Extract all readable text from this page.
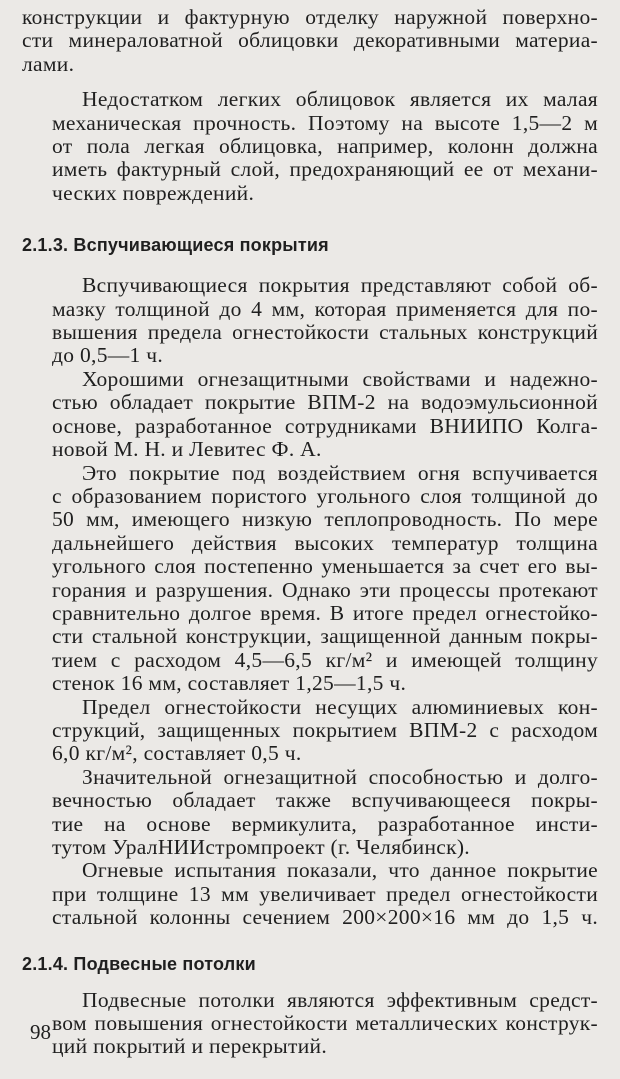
конструкции и фактурную отделку наружной поверхно-
сти минераловатной облицовки декоративными материа-
лами.

Недостатком легких облицовок является их малая
механическая прочность. Поэтому на высоте 1,5—2 м
от пола легкая облицовка, например, колонн должна
иметь фактурный слой, предохраняющий ее от механи-
ческих повреждений.

2.1.3. Вспучивающиеся покрытия

Вспучивающиеся покрытия представляют собой об-
мазку толщиной до 4 мм, которая применяется для по-
вышения предела огнестойкости стальных конструкций
до 0,5—1 ч.

Хорошими огнезащитными свойствами и надежно-
стью обладает покрытие ВПМ-2 на водоэмульсионной
основе, разработанное сотрудниками ВНИИПО Колга-
новой М. Н. и Левитес Ф. А.

Это покрытие под воздействием огня вспучивается
с образованием пористого угольного слоя толщиной до
50 мм, имеющего низкую теплопроводность. По мере
дальнейшего действия высоких температур толщина
угольного слоя постепенно уменьшается за счет его вы-
горания и разрушения. Однако эти процессы протекают
сравнительно долгое время. В итоге предел огнестойко-
сти стальной конструкции, защищенной данным покры-
тием с расходом 4,5—6,5 кг/м² и имеющей толщину
стенок 16 мм, составляет 1,25—1,5 ч.

Предел огнестойкости несущих алюминиевых кон-
струкций, защищенных покрытием ВПМ-2 с расходом
6,0 кг/м², составляет 0,5 ч.

Значительной огнезащитной способностью и долго-
вечностью обладает также вспучивающееся покры-
тие на основе вермикулита, разработанное инсти-
тутом УралНИИстромпроект (г. Челябинск).

Огневые испытания показали, что данное покрытие
при толщине 13 мм увеличивает предел огнестойкости
стальной колонны сечением 200×200×16 мм до 1,5 ч.

2.1.4. Подвесные потолки

Подвесные потолки являются эффективным средст-
вом повышения огнестойкости металлических конструк-
ций покрытий и перекрытий.

98
